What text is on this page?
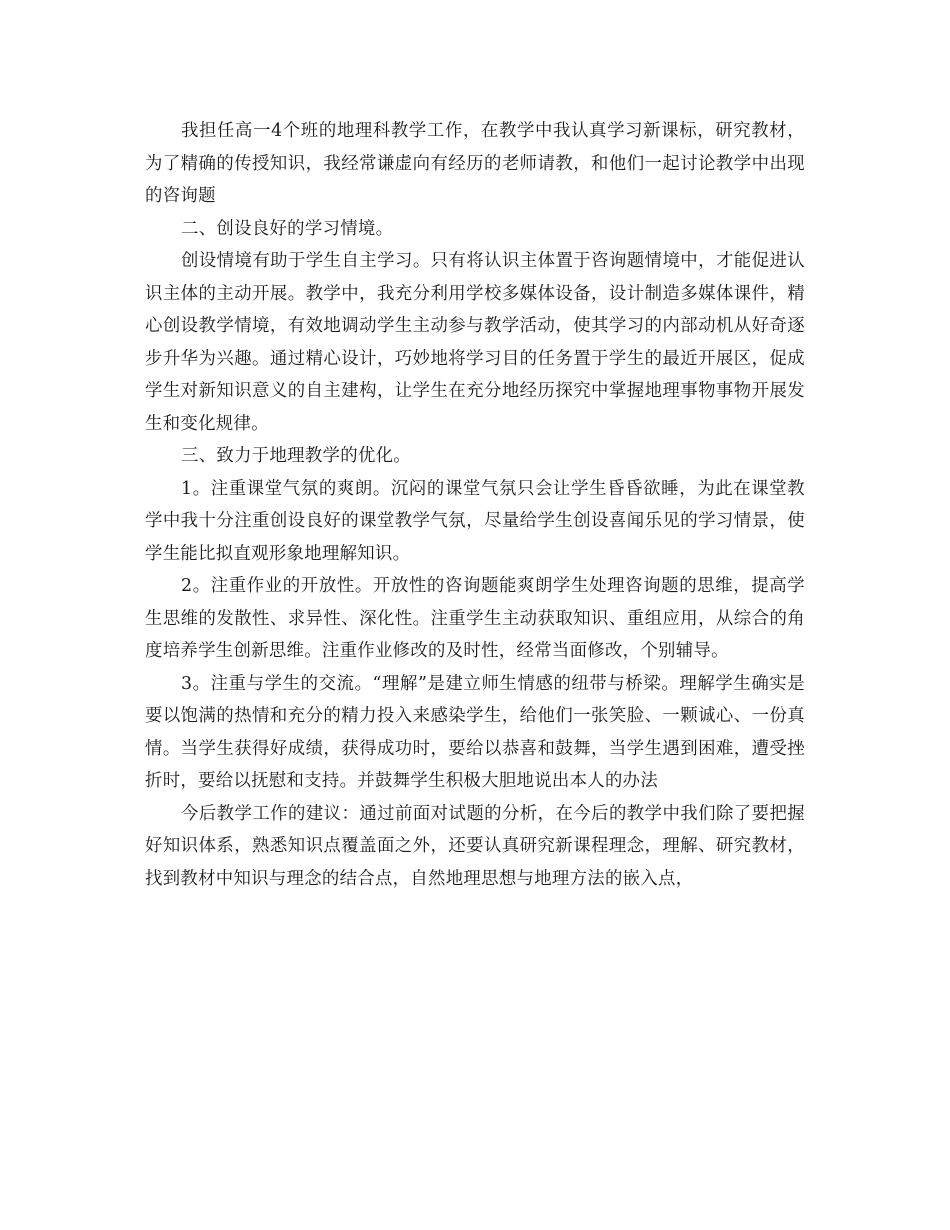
我担任高一4个班的地理科教学工作，在教学中我认真学习新课标，研究教材，为了精确的传授知识，我经常谦虚向有经历的老师请教，和他们一起讨论教学中出现的咨询题

二、创设良好的学习情境。

创设情境有助于学生自主学习。只有将认识主体置于咨询题情境中，才能促进认识主体的主动开展。教学中，我充分利用学校多媒体设备，设计制造多媒体课件，精心创设教学情境，有效地调动学生主动参与教学活动，使其学习的内部动机从好奇逐步升华为兴趣。通过精心设计，巧妙地将学习目的任务置于学生的最近开展区，促成学生对新知识意义的自主建构，让学生在充分地经历探究中掌握地理事物事物开展发生和变化规律。

三、致力于地理教学的优化。

1。注重课堂气氛的爽朗。沉闷的课堂气氛只会让学生昏昏欲睡，为此在课堂教学中我十分注重创设良好的课堂教学气氛，尽量给学生创设喜闻乐见的学习情景，使学生能比拟直观形象地理解知识。

2。注重作业的开放性。开放性的咨询题能爽朗学生处理咨询题的思维，提高学生思维的发散性、求异性、深化性。注重学生主动获取知识、重组应用，从综合的角度培养学生创新思维。注重作业修改的及时性，经常当面修改，个别辅导。

3。注重与学生的交流。“理解”是建立师生情感的纽带与桥梁。理解学生确实是要以饱满的热情和充分的精力投入来感染学生，给他们一张笑脸、一颗诚心、一份真情。当学生获得好成绩，获得成功时，要给以恭喜和鼓舞，当学生遇到困难，遭受挫折时，要给以抚慰和支持。并鼓舞学生积极大胆地说出本人的办法

今后教学工作的建议：通过前面对试题的分析，在今后的教学中我们除了要把握好知识体系，熟悉知识点覆盖面之外，还要认真研究新课程理念，理解、研究教材，找到教材中知识与理念的结合点，自然地理思想与地理方法的嵌入点，
